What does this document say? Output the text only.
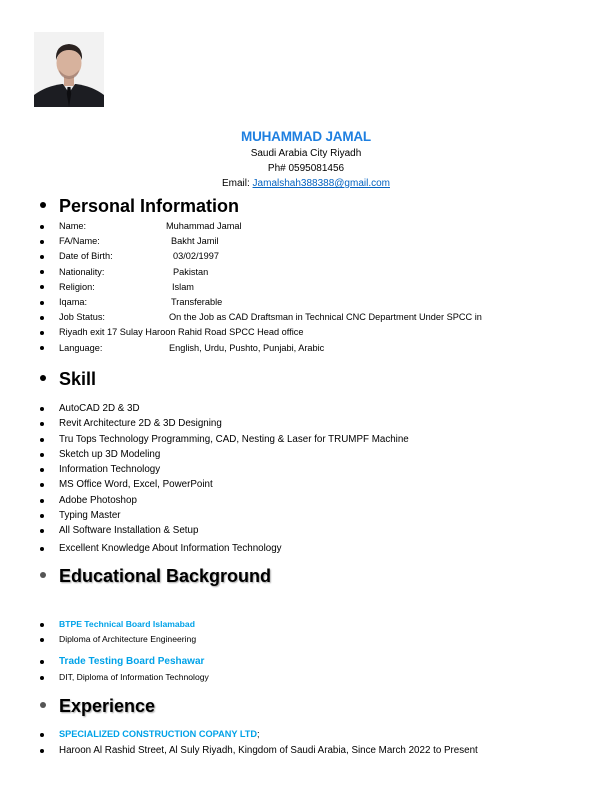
MUHAMMAD JAMAL
Saudi Arabia City Riyadh
Ph# 0595081456
Email: Jamalshah388388@gmail.com
Personal Information
Name:	Muhammad Jamal
FA/Name:	Bakht Jamil
Date of Birth:	03/02/1997
Nationality:	Pakistan
Religion:	Islam
Iqama:	Transferable
Job Status:	On the Job as CAD Draftsman in Technical CNC Department Under SPCC in
Riyadh exit 17 Sulay Haroon Rahid Road SPCC Head office
Language:	English, Urdu, Pushto, Punjabi, Arabic
Skill
AutoCAD 2D & 3D
Revit Architecture 2D & 3D Designing
Tru Tops Technology Programming, CAD, Nesting & Laser for TRUMPF Machine
Sketch up 3D Modeling
Information Technology
MS Office Word, Excel, PowerPoint
Adobe Photoshop
Typing Master
All Software Installation & Setup
Excellent Knowledge About Information Technology
Educational Background
BTPE Technical Board Islamabad
Diploma of Architecture Engineering
Trade Testing Board Peshawar
DIT, Diploma of Information Technology
Experience
SPECIALIZED CONSTRUCTION COPANY LTD;
Haroon Al Rashid Street, Al Suly Riyadh, Kingdom of Saudi Arabia, Since March 2022 to Present
